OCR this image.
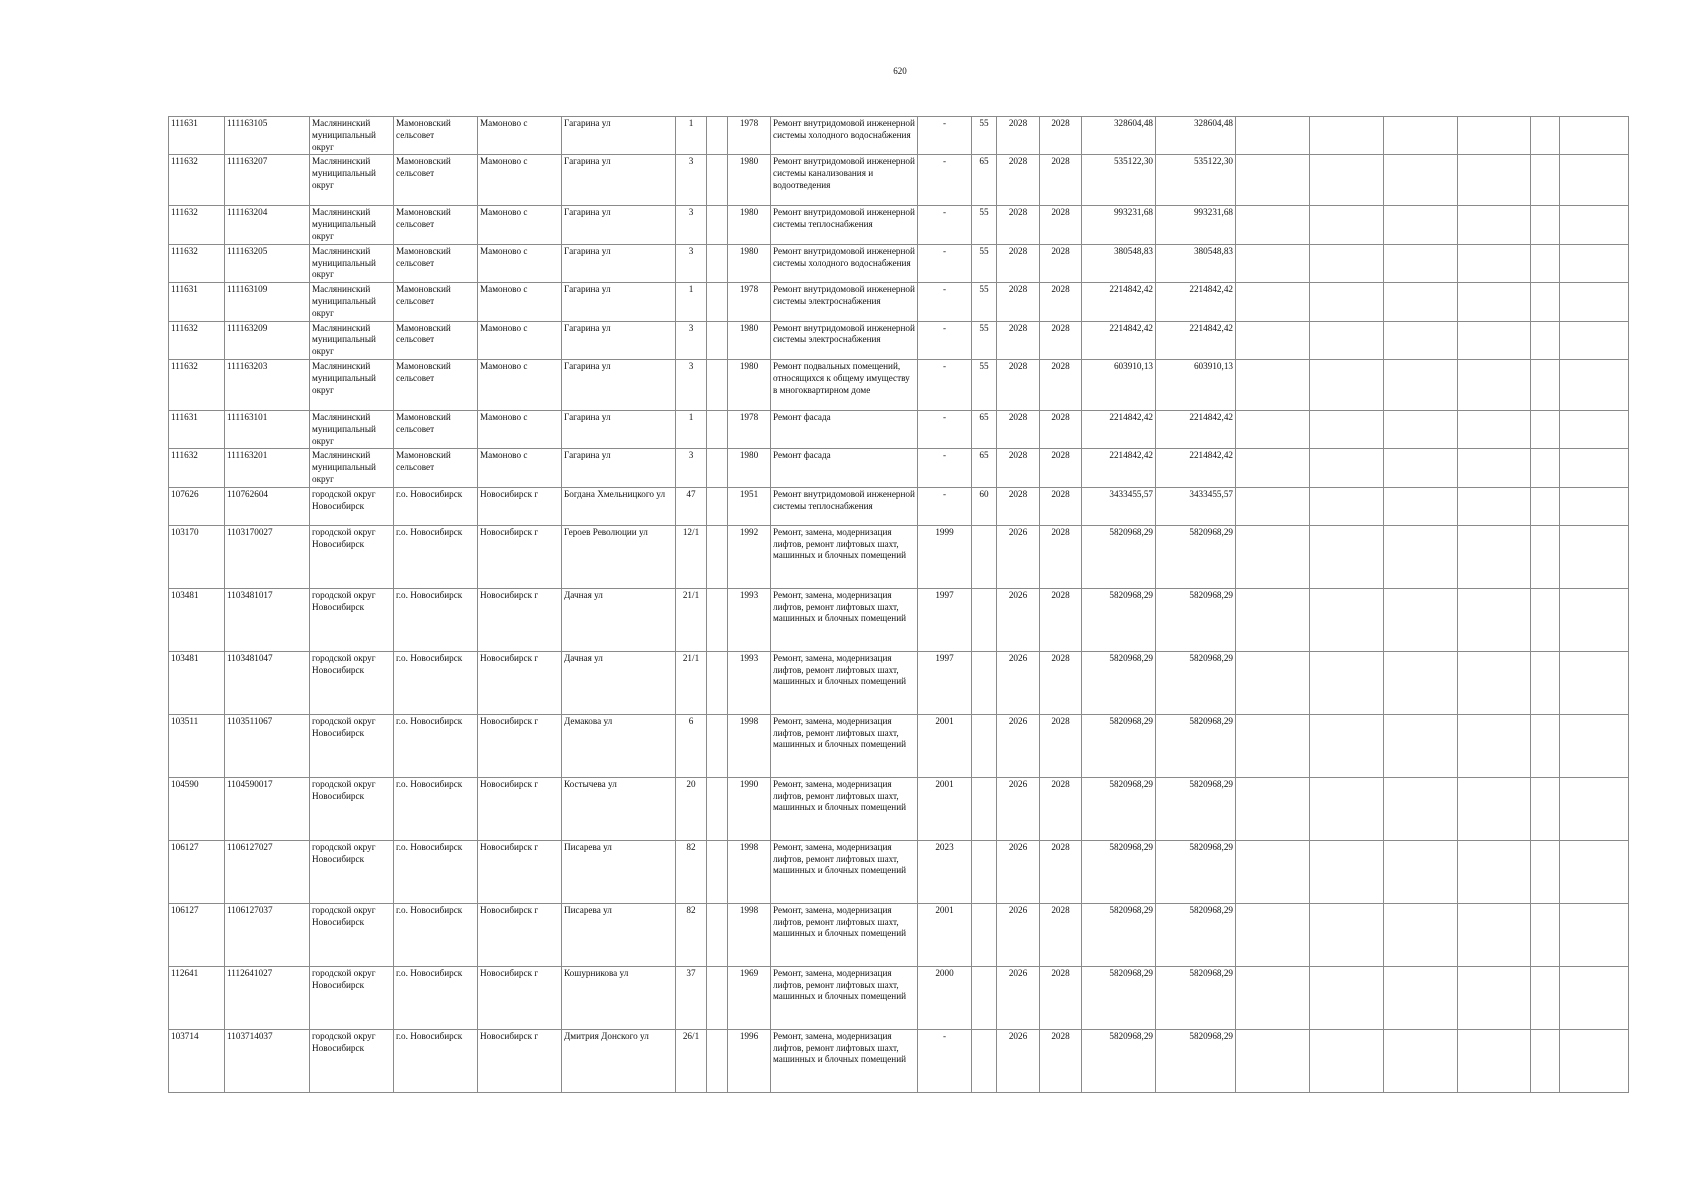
620
111631	111163105	Маслянинский муниципальный округ	Мамоновский сельсовет	Мамоново с	Гагарина ул	1		1978	Ремонт внутридомовой инженерной системы холодного водоснабжения	-	55	2028	2028	328604,48	328604,48						
111632	111163207	Маслянинский муниципальный округ	Мамоновский сельсовет	Мамоново с	Гагарина ул	3		1980	Ремонт внутридомовой инженерной системы канализования и водоотведения	-	65	2028	2028	535122,30	535122,30						
111632	111163204	Маслянинский муниципальный округ	Мамоновский сельсовет	Мамоново с	Гагарина ул	3		1980	Ремонт внутридомовой инженерной системы теплоснабжения	-	55	2028	2028	993231,68	993231,68						
111632	111163205	Маслянинский муниципальный округ	Мамоновский сельсовет	Мамоново с	Гагарина ул	3		1980	Ремонт внутридомовой инженерной системы холодного водоснабжения	-	55	2028	2028	380548,83	380548,83						
111631	111163109	Маслянинский муниципальный округ	Мамоновский сельсовет	Мамоново с	Гагарина ул	1		1978	Ремонт внутридомовой инженерной системы электроснабжения	-	55	2028	2028	2214842,42	2214842,42						
111632	111163209	Маслянинский муниципальный округ	Мамоновский сельсовет	Мамоново с	Гагарина ул	3		1980	Ремонт внутридомовой инженерной системы электроснабжения	-	55	2028	2028	2214842,42	2214842,42						
111632	111163203	Маслянинский муниципальный округ	Мамоновский сельсовет	Мамоново с	Гагарина ул	3		1980	Ремонт подвальных помещений, относящихся к общему имуществу в многоквартирном доме	-	55	2028	2028	603910,13	603910,13						
111631	111163101	Маслянинский муниципальный округ	Мамоновский сельсовет	Мамоново с	Гагарина ул	1		1978	Ремонт фасада	-	65	2028	2028	2214842,42	2214842,42						
111632	111163201	Маслянинский муниципальный округ	Мамоновский сельсовет	Мамоново с	Гагарина ул	3		1980	Ремонт фасада	-	65	2028	2028	2214842,42	2214842,42						
107626	110762604	городской округ Новосибирск	г.о. Новосибирск	Новосибирск г	Богдана Хмельницкого ул	47		1951	Ремонт внутридомовой инженерной системы теплоснабжения	-	60	2028	2028	3433455,57	3433455,57						
103170	1103170027	городской округ Новосибирск	г.о. Новосибирск	Новосибирск г	Героев Революции ул	12/1		1992	Ремонт, замена, модернизация лифтов, ремонт лифтовых шахт, машинных и блочных помещений	1999		2026	2028	5820968,29	5820968,29						
103481	1103481017	городской округ Новосибирск	г.о. Новосибирск	Новосибирск г	Дачная ул	21/1		1993	Ремонт, замена, модернизация лифтов, ремонт лифтовых шахт, машинных и блочных помещений	1997		2026	2028	5820968,29	5820968,29						
103481	1103481047	городской округ Новосибирск	г.о. Новосибирск	Новосибирск г	Дачная ул	21/1		1993	Ремонт, замена, модернизация лифтов, ремонт лифтовых шахт, машинных и блочных помещений	1997		2026	2028	5820968,29	5820968,29						
103511	1103511067	городской округ Новосибирск	г.о. Новосибирск	Новосибирск г	Демакова ул	6		1998	Ремонт, замена, модернизация лифтов, ремонт лифтовых шахт, машинных и блочных помещений	2001		2026	2028	5820968,29	5820968,29						
104590	1104590017	городской округ Новосибирск	г.о. Новосибирск	Новосибирск г	Костычева ул	20		1990	Ремонт, замена, модернизация лифтов, ремонт лифтовых шахт, машинных и блочных помещений	2001		2026	2028	5820968,29	5820968,29						
106127	1106127027	городской округ Новосибирск	г.о. Новосибирск	Новосибирск г	Писарева ул	82		1998	Ремонт, замена, модернизация лифтов, ремонт лифтовых шахт, машинных и блочных помещений	2023		2026	2028	5820968,29	5820968,29						
106127	1106127037	городской округ Новосибирск	г.о. Новосибирск	Новосибирск г	Писарева ул	82		1998	Ремонт, замена, модернизация лифтов, ремонт лифтовых шахт, машинных и блочных помещений	2001		2026	2028	5820968,29	5820968,29						
112641	1112641027	городской округ Новосибирск	г.о. Новосибирск	Новосибирск г	Кошурникова ул	37		1969	Ремонт, замена, модернизация лифтов, ремонт лифтовых шахт, машинных и блочных помещений	2000		2026	2028	5820968,29	5820968,29						
103714	1103714037	городской округ Новосибирск	г.о. Новосибирск	Новосибирск г	Дмитрия Донского ул	26/1		1996	Ремонт, замена, модернизация лифтов, ремонт лифтовых шахт, машинных и блочных помещений	-		2026	2028	5820968,29	5820968,29						
